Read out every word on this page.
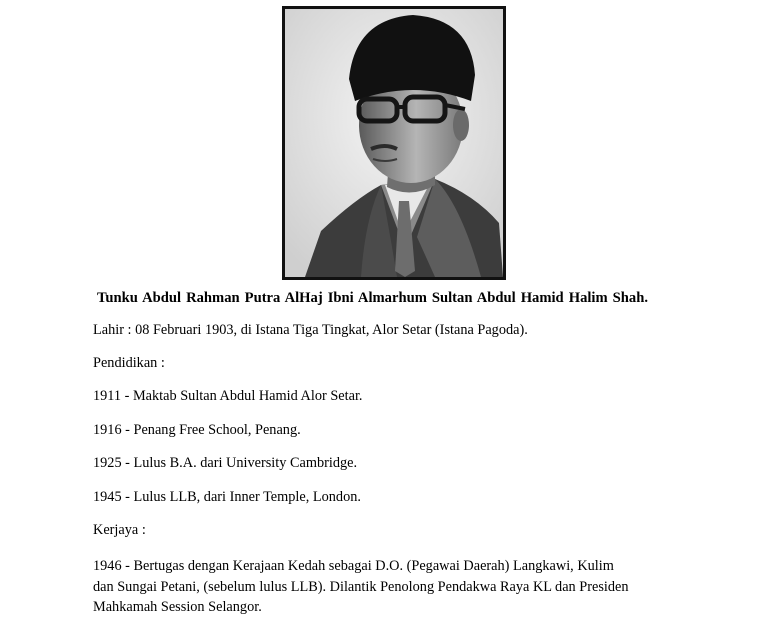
Tunku Abdul Rahman Putra AlHaj Ibni Almarhum Sultan Abdul Hamid Halim Shah.

Lahir : 08 Februari 1903, di Istana Tiga Tingkat, Alor Setar (Istana Pagoda).

Pendidikan :

1911 - Maktab Sultan Abdul Hamid Alor Setar.

1916 - Penang Free School, Penang.

1925 - Lulus B.A. dari University Cambridge.

1945 - Lulus LLB, dari Inner Temple, London.

Kerjaya :

1946 - Bertugas dengan Kerajaan Kedah sebagai D.O. (Pegawai Daerah) Langkawi, Kulim
dan Sungai Petani, (sebelum lulus LLB). Dilantik Penolong Pendakwa Raya KL dan Presiden
Mahkamah Session Selangor.
